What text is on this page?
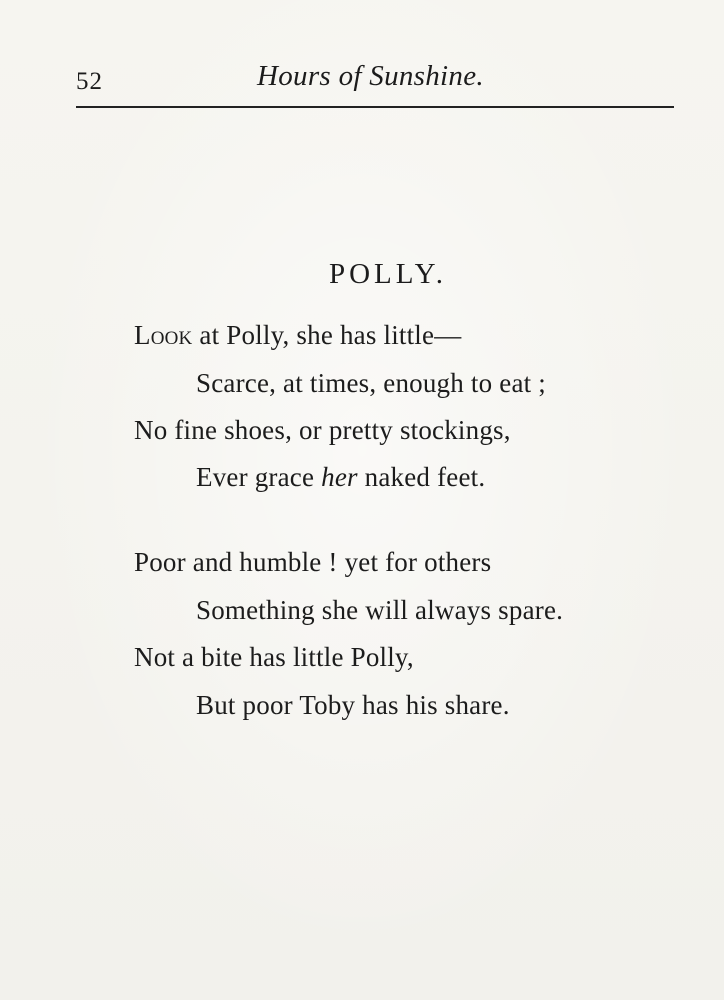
52	Hours of Sunshine.
POLLY.
Look at Polly, she has little—
Scarce, at times, enough to eat ;
No fine shoes, or pretty stockings,
Ever grace her naked feet.
Poor and humble ! yet for others
Something she will always spare.
Not a bite has little Polly,
But poor Toby has his share.
